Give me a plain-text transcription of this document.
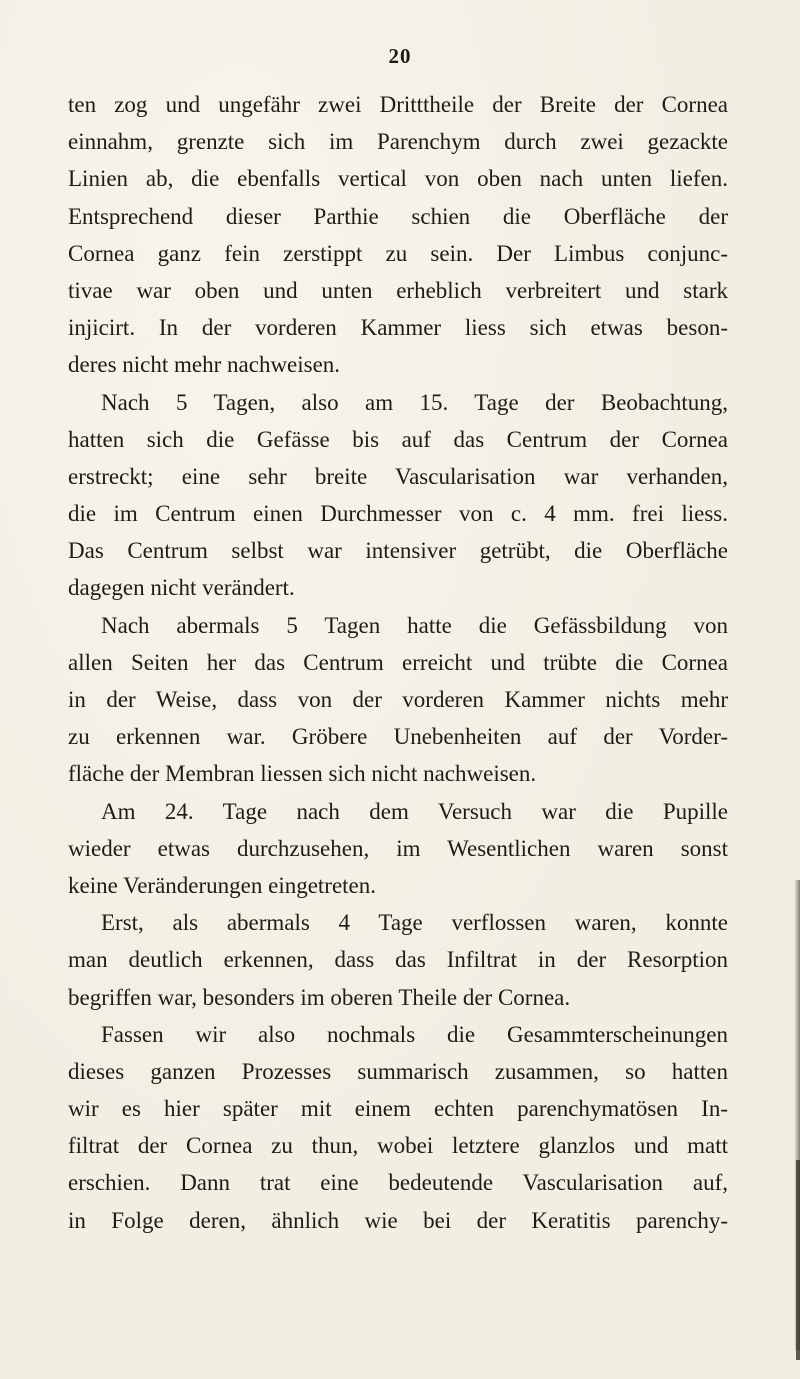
20
ten zog und ungefähr zwei Dritttheile der Breite der Cornea
einnahm, grenzte sich im Parenchym durch zwei gezackte
Linien ab, die ebenfalls vertical von oben nach unten liefen.
Entsprechend dieser Parthie schien die Oberfläche der
Cornea ganz fein zerstippt zu sein. Der Limbus conjunc-
tivae war oben und unten erheblich verbreitert und stark
injicirt. In der vorderen Kammer liess sich etwas beson-
deres nicht mehr nachweisen.
Nach 5 Tagen, also am 15. Tage der Beobachtung,
hatten sich die Gefässe bis auf das Centrum der Cornea
erstreckt; eine sehr breite Vascularisation war verhanden,
die im Centrum einen Durchmesser von c. 4 mm. frei liess.
Das Centrum selbst war intensiver getrübt, die Oberfläche
dagegen nicht verändert.
Nach abermals 5 Tagen hatte die Gefässbildung von
allen Seiten her das Centrum erreicht und trübte die Cornea
in der Weise, dass von der vorderen Kammer nichts mehr
zu erkennen war. Gröbere Unebenheiten auf der Vorder-
fläche der Membran liessen sich nicht nachweisen.
Am 24. Tage nach dem Versuch war die Pupille
wieder etwas durchzusehen, im Wesentlichen waren sonst
keine Veränderungen eingetreten.
Erst, als abermals 4 Tage verflossen waren, konnte
man deutlich erkennen, dass das Infiltrat in der Resorption
begriffen war, besonders im oberen Theile der Cornea.
Fassen wir also nochmals die Gesammterscheinungen
dieses ganzen Prozesses summarisch zusammen, so hatten
wir es hier später mit einem echten parenchymatösen In-
filtrat der Cornea zu thun, wobei letztere glanzlos und matt
erschien. Dann trat eine bedeutende Vascularisation auf,
in Folge deren, ähnlich wie bei der Keratitis parenchy-
